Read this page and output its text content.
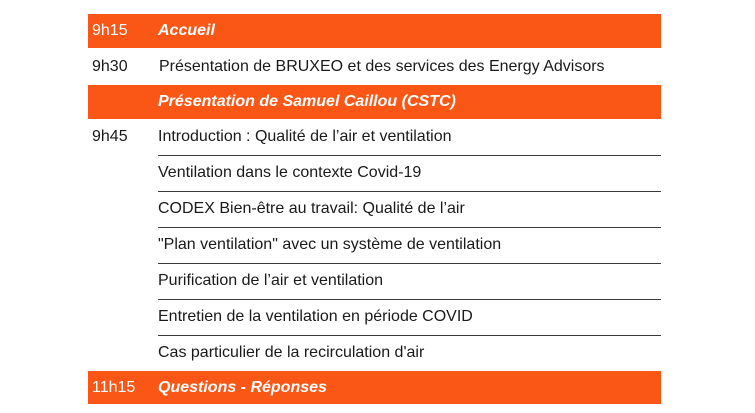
9h15	Accueil
9h30	Présentation de BRUXEO et des services des Energy Advisors
Présentation de Samuel Caillou (CSTC)
9h45	Introduction : Qualité de l’air et ventilation
Ventilation dans le contexte Covid-19
CODEX Bien-être au travail: Qualité de l’air
"Plan ventilation" avec un système de ventilation
Purification de l’air et ventilation
Entretien de la ventilation en période COVID
Cas particulier de la recirculation d'air
11h15	Questions - Réponses
